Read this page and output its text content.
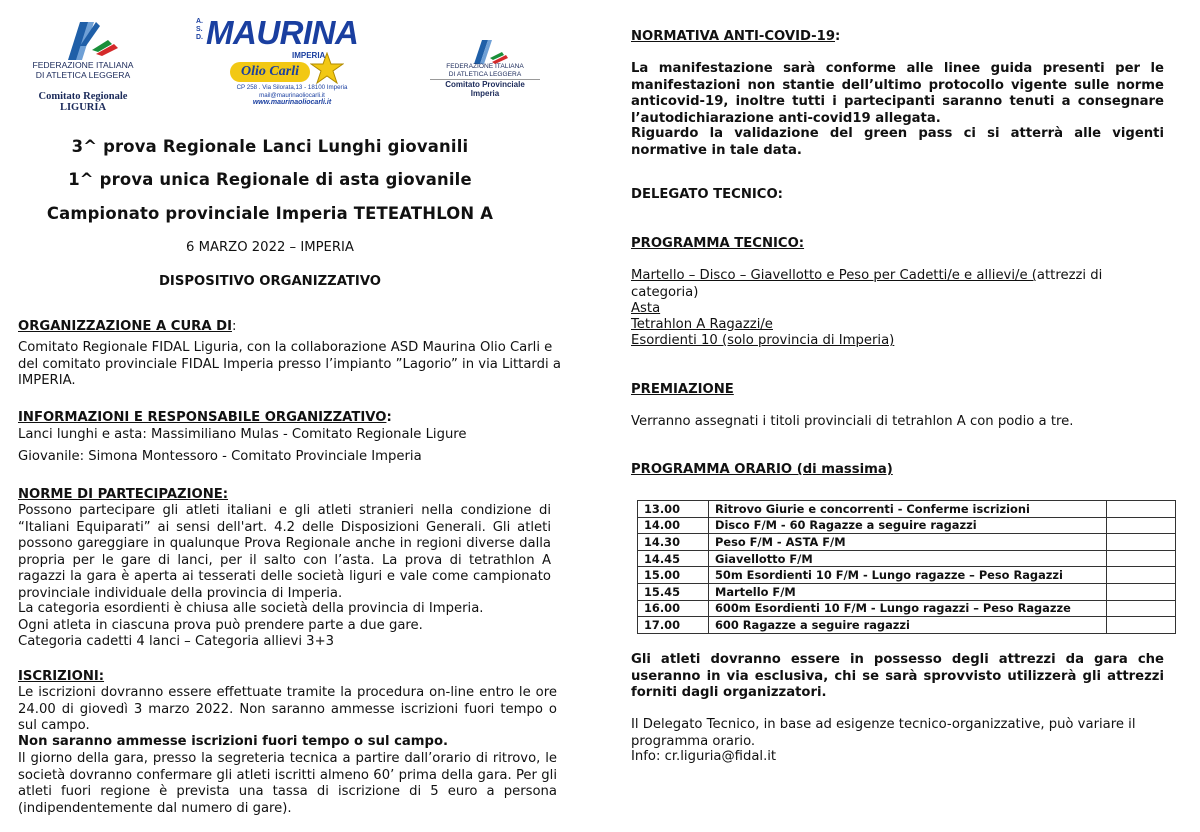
FEDERAZIONE ITALIANA
DI ATLETICA LEGGERA
Comitato Regionale LIGURIA
A.S.D. MAURINA
IMPERIA
Olio Carli
CP 258 . Via Silorata,13 - 18100 Imperia
mail@maurinaoliocarli.it
www.maurinaoliocarli.it
FEDERAZIONE ITALIANA
DI ATLETICA LEGGERA
Comitato Provinciale Imperia
3^ prova Regionale Lanci Lunghi giovanili
1^ prova unica Regionale di asta giovanile
Campionato provinciale Imperia TETEATHLON A
6 MARZO 2022 – IMPERIA
DISPOSITIVO ORGANIZZATIVO
ORGANIZZAZIONE A CURA DI:

Comitato Regionale FIDAL Liguria, con la collaborazione ASD Maurina Olio Carli e del comitato provinciale FIDAL Imperia presso l’impianto ”Lagorio” in via Littardi a IMPERIA.

INFORMAZIONI E RESPONSABILE ORGANIZZATIVO:

Lanci lunghi e asta: Massimiliano Mulas - Comitato Regionale Ligure

Giovanile: Simona Montessoro - Comitato Provinciale Imperia

NORME DI PARTECIPAZIONE:

Possono partecipare gli atleti italiani e gli atleti stranieri nella condizione di “Italiani Equiparati” ai sensi dell'art. 4.2 delle Disposizioni Generali. Gli atleti possono gareggiare in qualunque Prova Regionale anche in regioni diverse dalla propria per le gare di lanci, per il salto con l’asta. La prova di tetrathlon A ragazzi la gara è aperta ai tesserati delle società liguri e vale come campionato provinciale individuale della provincia di Imperia.

La categoria esordienti è chiusa alle società della provincia di Imperia.

Ogni atleta in ciascuna prova può prendere parte a due gare.

Categoria cadetti 4 lanci – Categoria allievi 3+3

ISCRIZIONI:

Le iscrizioni dovranno essere effettuate tramite la procedura on-line entro le ore 24.00 di giovedì 3 marzo 2022. Non saranno ammesse iscrizioni fuori tempo o sul campo.

Non saranno ammesse iscrizioni fuori tempo o sul campo.

Il giorno della gara, presso la segreteria tecnica a partire dall’orario di ritrovo, le società dovranno confermare gli atleti iscritti almeno 60’ prima della gara. Per gli atleti fuori regione è prevista una tassa di iscrizione di 5 euro a persona (indipendentemente dal numero di gare).

NORMATIVA ANTI-COVID-19:

La manifestazione sarà conforme alle linee guida presenti per le manifestazioni non stantie dell’ultimo protocollo vigente sulle norme anticovid-19, inoltre tutti i partecipanti saranno tenuti a consegnare l’autodichiarazione anti-covid19 allegata.

Riguardo la validazione del green pass ci si atterrà alle vigenti normative in tale data.

DELEGATO TECNICO:
PROGRAMMA TECNICO:

Martello – Disco – Giavellotto e Peso per Cadetti/e e allievi/e (attrezzi di categoria)

Asta

Tetrahlon A Ragazzi/e

Esordienti 10 (solo provincia di Imperia)

PREMIAZIONE

Verranno assegnati i titoli provinciali di tetrahlon A con podio a tre.

PROGRAMMA ORARIO (di massima)
13.00	Ritrovo Giurie e concorrenti - Conferme iscrizioni	
14.00	Disco F/M - 60 Ragazze a seguire ragazzi	
14.30	Peso F/M - ASTA F/M	
14.45	Giavellotto F/M	
15.00	50m Esordienti 10 F/M - Lungo ragazze – Peso Ragazzi	
15.45	Martello F/M	
16.00	600m Esordienti 10 F/M - Lungo ragazzi – Peso Ragazze	
17.00	600 Ragazze a seguire ragazzi	

Gli atleti dovranno essere in possesso degli attrezzi da gara che useranno in via esclusiva, chi se sarà sprovvisto utilizzerà gli attrezzi forniti dagli organizzatori.

Il Delegato Tecnico, in base ad esigenze tecnico-organizzative, può variare il programma orario.

Info: cr.liguria@fidal.it
